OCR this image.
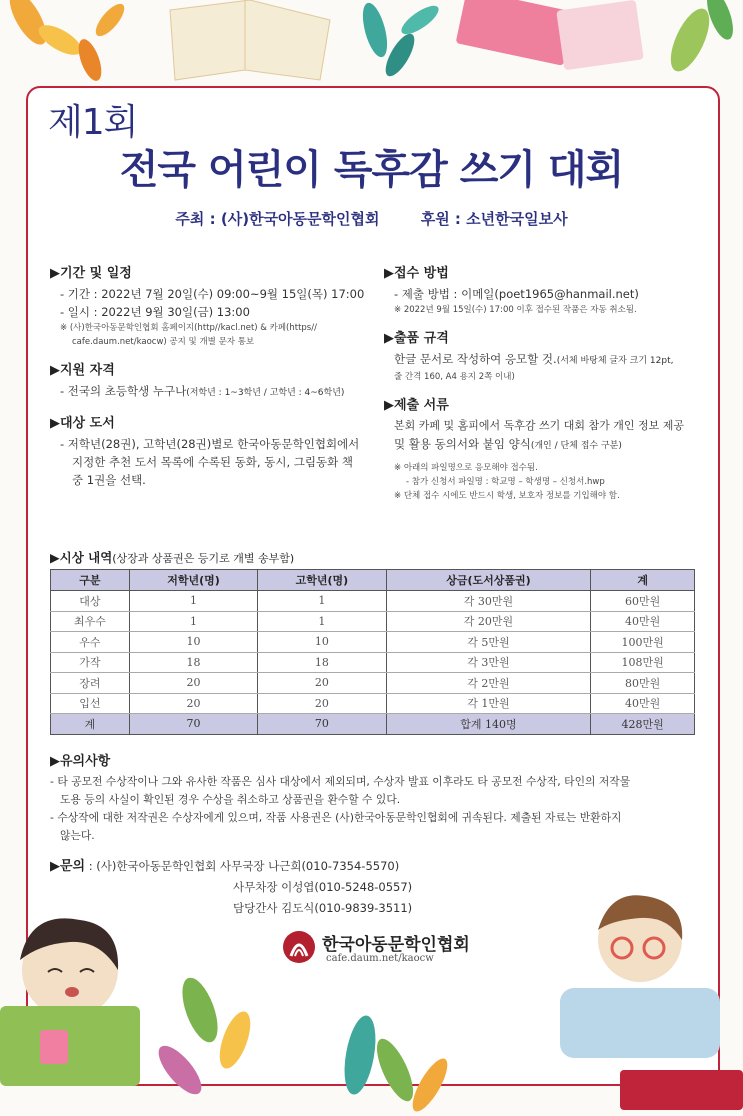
제1회
전국 어린이 독후감 쓰기 대회
주최 : (사)한국아동문학인협회	후원 : 소년한국일보사
▶기간 및 일정
- 기간 : 2022년 7월 20일(수) 09:00~9월 15일(목) 17:00
- 일시 : 2022년 9월 30일(금) 13:00
※ (사)한국아동문학인협회 홈페이지(http//kacl.net) & 카페(https//
cafe.daum.net/kaocw) 공지 및 개별 문자 통보
▶지원 자격
- 전국의 초등학생 누구나(저학년 : 1~3학년 / 고학년 : 4~6학년)
▶대상 도서
- 저학년(28권), 고학년(28권)별로 한국아동문학인협회에서
지정한 추천 도서 목록에 수록된 동화, 동시, 그림동화 책
중 1권을 선택.
▶접수 방법
- 제출 방법 : 이메일(poet1965@hanmail.net)
※ 2022년 9월 15일(수) 17:00 이후 접수된 작품은 자동 취소됨.
▶출품 규격
한글 문서로 작성하여 응모할 것.(서체 바탕체 글자 크기 12pt,
줄 간격 160, A4 용지 2쪽 이내)
▶제출 서류
본회 카페 및 홈피에서 독후감 쓰기 대회 참가 개인 정보 제공
및 활용 동의서와 붙임 양식(개인 / 단체 접수 구분)
※ 아래의 파일명으로 응모해야 접수됨.
- 참가 신청서 파일명 : 학교명 – 학생명 – 신청서.hwp
※ 단체 접수 시에도 반드시 학생, 보호자 정보를 기입해야 함.
▶시상 내역(상장과 상품권은 등기로 개별 송부함)
구분	저학년(명)	고학년(명)	상금(도서상품권)	계
대상	1	1	각 30만원	60만원
최우수	1	1	각 20만원	40만원
우수	10	10	각 5만원	100만원
가작	18	18	각 3만원	108만원
장려	20	20	각 2만원	80만원
입선	20	20	각 1만원	40만원
계	70	70	합계 140명	428만원
▶유의사항
- 타 공모전 수상작이나 그와 유사한 작품은 심사 대상에서 제외되며, 수상자 발표 이후라도 타 공모전 수상작, 타인의 저작물
도용 등의 사실이 확인된 경우 수상을 취소하고 상품권을 환수할 수 있다.
- 수상작에 대한 저작권은 수상자에게 있으며, 작품 사용권은 (사)한국아동문학인협회에 귀속된다. 제출된 자료는 반환하지
않는다.
▶문의 : (사)한국아동문학인협회 사무국장 나근희(010-7354-5570)
사무차장 이성엽(010-5248-0557)
담당간사 김도식(010-9839-3511)
한국아동문학인협회
cafe.daum.net/kaocw
